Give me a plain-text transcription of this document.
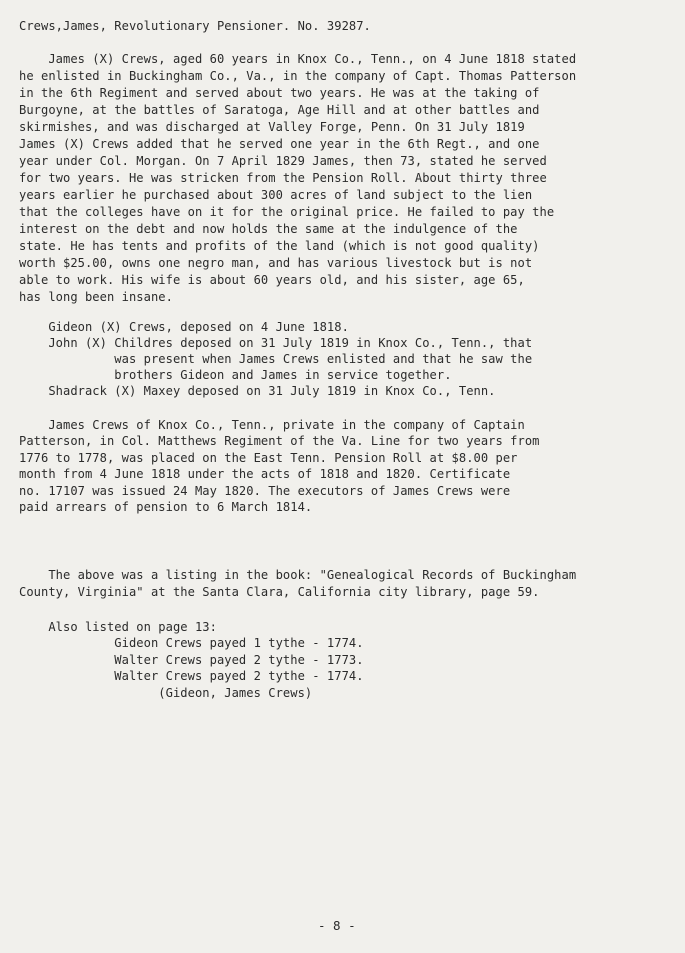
Crews,James, Revolutionary Pensioner. No. 39287.
James (X) Crews, aged 60 years in Knox Co., Tenn., on 4 June 1818 stated
he enlisted in Buckingham Co., Va., in the company of Capt. Thomas Patterson
in the 6th Regiment and served about two years. He was at the taking of
Burgoyne, at the battles of Saratoga, Age Hill and at other battles and
skirmishes, and was discharged at Valley Forge, Penn. On 31 July 1819
James (X) Crews added that he served one year in the 6th Regt., and one
year under Col. Morgan. On 7 April 1829 James, then 73, stated he served
for two years. He was stricken from the Pension Roll. About thirty three
years earlier he purchased about 300 acres of land subject to the lien
that the colleges have on it for the original price. He failed to pay the
interest on the debt and now holds the same at the indulgence of the
state. He has tents and profits of the land (which is not good quality)
worth $25.00, owns one negro man, and has various livestock but is not
able to work. His wife is about 60 years old, and his sister, age 65,
has long been insane.
Gideon (X) Crews, deposed on 4 June 1818.
John (X) Childres deposed on 31 July 1819 in Knox Co., Tenn., that
was present when James Crews enlisted and that he saw the
brothers Gideon and James in service together.
Shadrack (X) Maxey deposed on 31 July 1819 in Knox Co., Tenn.
James Crews of Knox Co., Tenn., private in the company of Captain
Patterson, in Col. Matthews Regiment of the Va. Line for two years from
1776 to 1778, was placed on the East Tenn. Pension Roll at $8.00 per
month from 4 June 1818 under the acts of 1818 and 1820. Certificate
no. 17107 was issued 24 May 1820. The executors of James Crews were
paid arrears of pension to 6 March 1814.
The above was a listing in the book: "Genealogical Records of Buckingham
County, Virginia" at the Santa Clara, California city library, page 59.
Also listed on page 13:
Gideon Crews payed 1 tythe - 1774.
Walter Crews payed 2 tythe - 1773.
Walter Crews payed 2 tythe - 1774.
(Gideon, James Crews)
- 8 -
